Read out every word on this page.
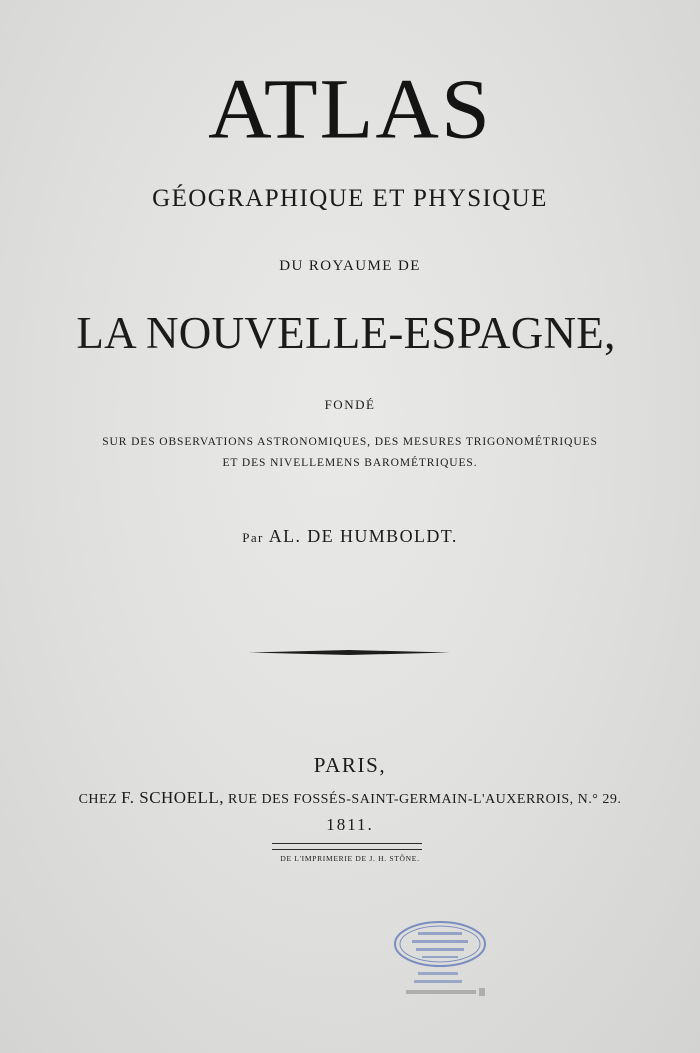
ATLAS
GÉOGRAPHIQUE ET PHYSIQUE
DU ROYAUME DE
LA NOUVELLE-ESPAGNE,
FONDÉ
SUR DES OBSERVATIONS ASTRONOMIQUES, DES MESURES TRIGONOMÉTRIQUES
ET DES NIVELLEMENS BAROMÉTRIQUES.
Par AL. DE HUMBOLDT.
PARIS,
CHEZ F. SCHOELL, RUE DES FOSSÉS-SAINT-GERMAIN-L'AUXERROIS, N.° 29.
1811.
DE L'IMPRIMERIE DE J. H. STÔNE.
